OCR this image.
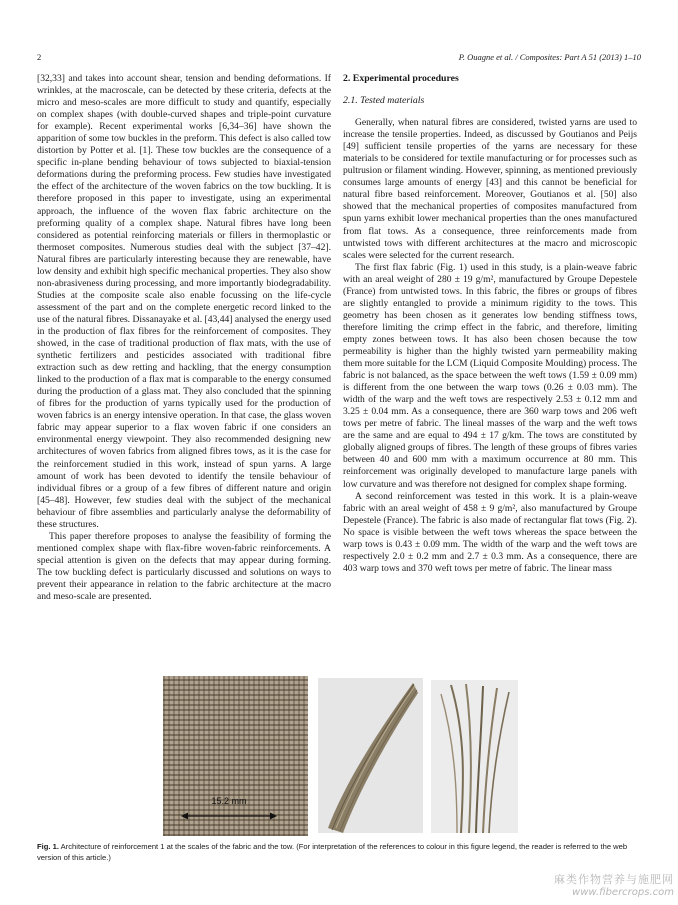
2	P. Ouagne et al. / Composites: Part A 51 (2013) 1–10

[32,33] and takes into account shear, tension and bending deformations. If wrinkles, at the macroscale, can be detected by these criteria, defects at the micro and meso-scales are more difficult to study and quantify, especially on complex shapes (with double-curved shapes and triple-point curvature for example). Recent experimental works [6,34–36] have shown the apparition of some tow buckles in the preform. This defect is also called tow distortion by Potter et al. [1]. These tow buckles are the consequence of a specific in-plane bending behaviour of tows subjected to biaxial-tension deformations during the preforming process. Few studies have investigated the effect of the architecture of the woven fabrics on the tow buckling. It is therefore proposed in this paper to investigate, using an experimental approach, the influence of the woven flax fabric architecture on the preforming quality of a complex shape. Natural fibres have long been considered as potential reinforcing materials or fillers in thermoplastic or thermoset composites. Numerous studies deal with the subject [37–42]. Natural fibres are particularly interesting because they are renewable, have low density and exhibit high specific mechanical properties. They also show non-abrasiveness during processing, and more importantly biodegradability. Studies at the composite scale also enable focussing on the life-cycle assessment of the part and on the complete energetic record linked to the use of the natural fibres. Dissanayake et al. [43,44] analysed the energy used in the production of flax fibres for the reinforcement of composites. They showed, in the case of traditional production of flax mats, with the use of synthetic fertilizers and pesticides associated with traditional fibre extraction such as dew retting and hackling, that the energy consumption linked to the production of a flax mat is comparable to the energy consumed during the production of a glass mat. They also concluded that the spinning of fibres for the production of yarns typically used for the production of woven fabrics is an energy intensive operation. In that case, the glass woven fabric may appear superior to a flax woven fabric if one considers an environmental energy viewpoint. They also recommended designing new architectures of woven fabrics from aligned fibres tows, as it is the case for the reinforcement studied in this work, instead of spun yarns. A large amount of work has been devoted to identify the tensile behaviour of individual fibres or a group of a few fibres of different nature and origin [45–48]. However, few studies deal with the subject of the mechanical behaviour of fibre assemblies and particularly analyse the deformability of these structures.

This paper therefore proposes to analyse the feasibility of forming the mentioned complex shape with flax-fibre woven-fabric reinforcements. A special attention is given on the defects that may appear during forming. The tow buckling defect is particularly discussed and solutions on ways to prevent their appearance in relation to the fabric architecture at the macro and meso-scale are presented.

2. Experimental procedures

2.1. Tested materials

Generally, when natural fibres are considered, twisted yarns are used to increase the tensile properties. Indeed, as discussed by Goutianos and Peijs [49] sufficient tensile properties of the yarns are necessary for these materials to be considered for textile manufacturing or for processes such as pultrusion or filament winding. However, spinning, as mentioned previously consumes large amounts of energy [43] and this cannot be beneficial for natural fibre based reinforcement. Moreover, Goutianos et al. [50] also showed that the mechanical properties of composites manufactured from spun yarns exhibit lower mechanical properties than the ones manufactured from flat tows. As a consequence, three reinforcements made from untwisted tows with different architectures at the macro and microscopic scales were selected for the current research.

The first flax fabric (Fig. 1) used in this study, is a plain-weave fabric with an areal weight of 280 ± 19 g/m², manufactured by Groupe Depestele (France) from untwisted tows. In this fabric, the fibres or groups of fibres are slightly entangled to provide a minimum rigidity to the tows. This geometry has been chosen as it generates low bending stiffness tows, therefore limiting the crimp effect in the fabric, and therefore, limiting empty zones between tows. It has also been chosen because the tow permeability is higher than the highly twisted yarn permeability making them more suitable for the LCM (Liquid Composite Moulding) process. The fabric is not balanced, as the space between the weft tows (1.59 ± 0.09 mm) is different from the one between the warp tows (0.26 ± 0.03 mm). The width of the warp and the weft tows are respectively 2.53 ± 0.12 mm and 3.25 ± 0.04 mm. As a consequence, there are 360 warp tows and 206 weft tows per metre of fabric. The lineal masses of the warp and the weft tows are the same and are equal to 494 ± 17 g/km. The tows are constituted by globally aligned groups of fibres. The length of these groups of fibres varies between 40 and 600 mm with a maximum occurrence at 80 mm. This reinforcement was originally developed to manufacture large panels with low curvature and was therefore not designed for complex shape forming.

A second reinforcement was tested in this work. It is a plain-weave fabric with an areal weight of 458 ± 9 g/m², also manufactured by Groupe Depestele (France). The fabric is also made of rectangular flat tows (Fig. 2). No space is visible between the weft tows whereas the space between the warp tows is 0.43 ± 0.09 mm. The width of the warp and the weft tows are respectively 2.0 ± 0.2 mm and 2.7 ± 0.3 mm. As a consequence, there are 403 warp tows and 370 weft tows per metre of fabric. The linear mass

15.2 mm
Fig. 1. Architecture of reinforcement 1 at the scales of the fabric and the tow. (For interpretation of the references to colour in this figure legend, the reader is referred to the web version of this article.)
麻类作物营养与施肥网
www.fibercrops.com
